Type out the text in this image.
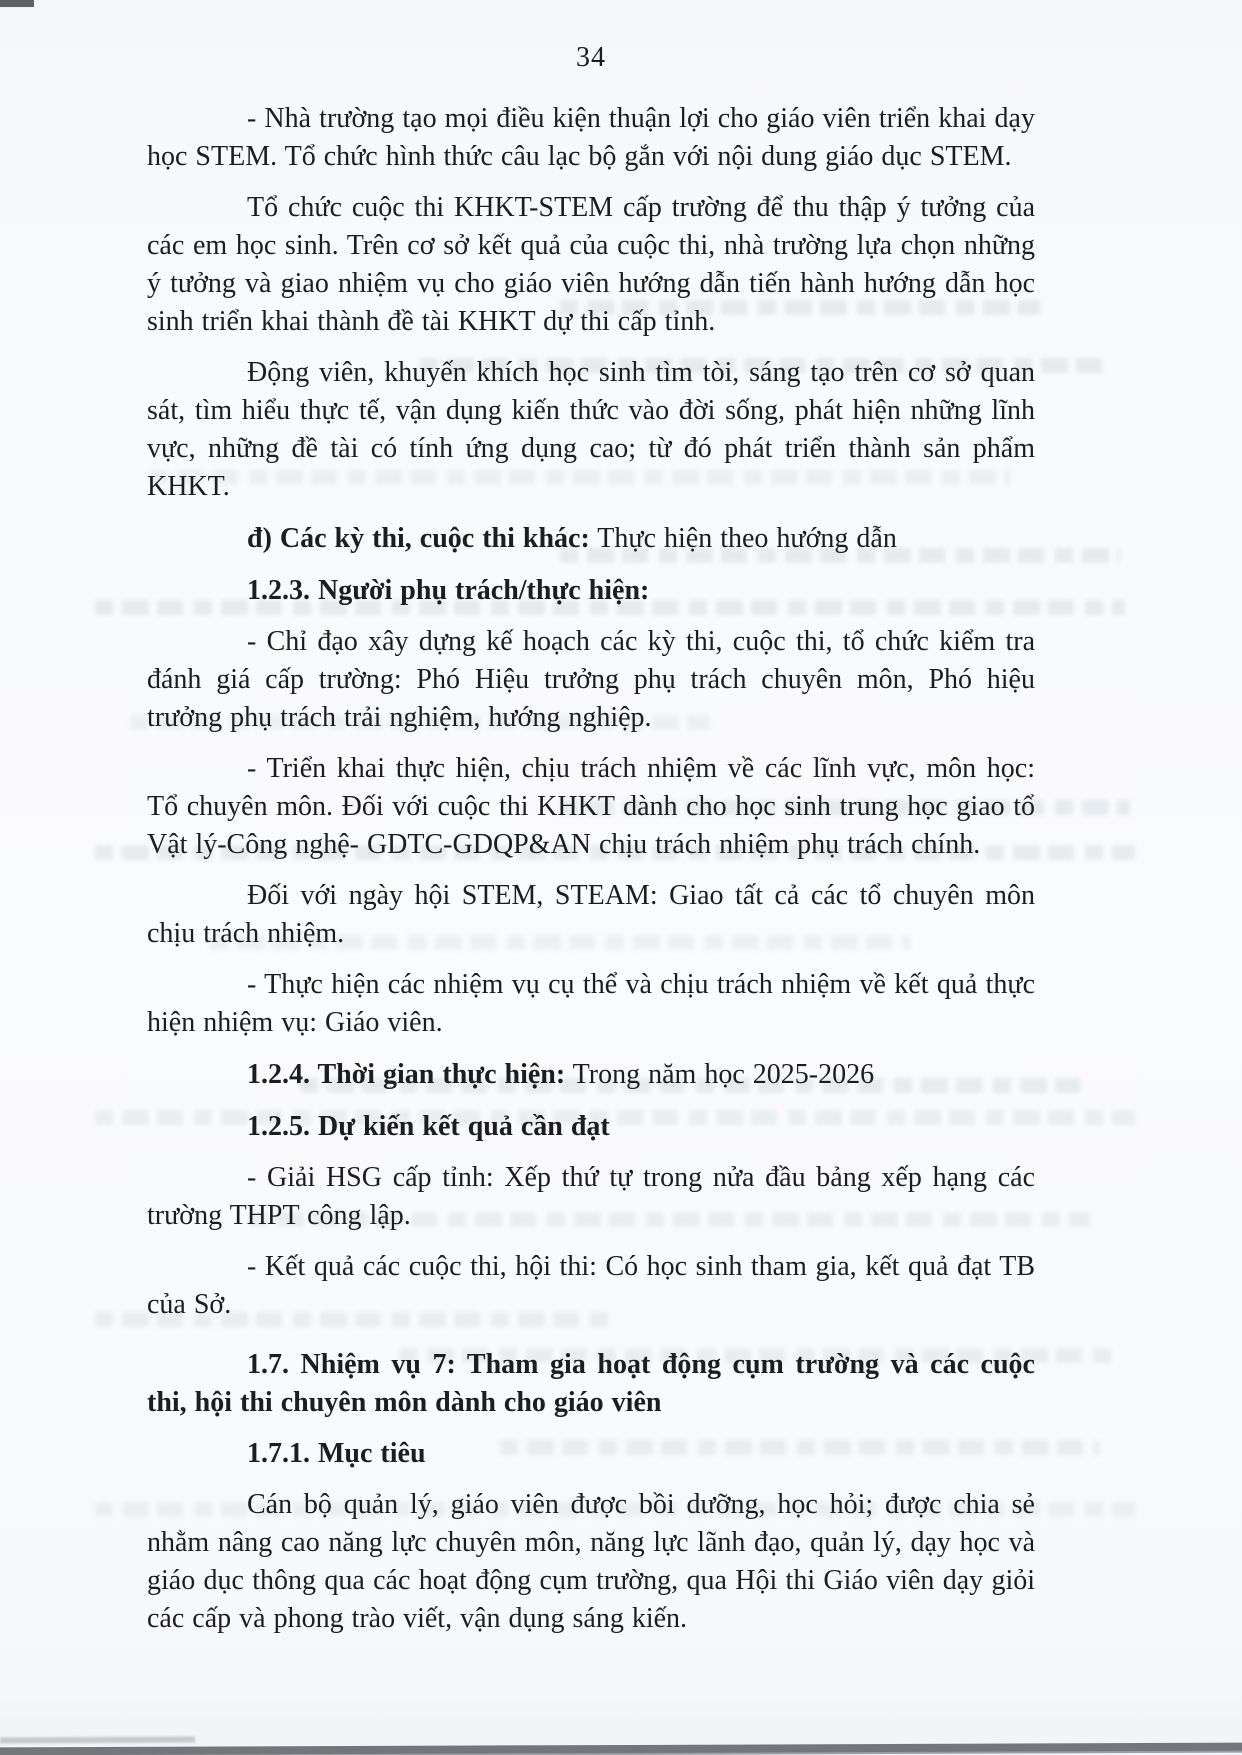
34

- Nhà trường tạo mọi điều kiện thuận lợi cho giáo viên triển khai dạy học STEM. Tổ chức hình thức câu lạc bộ gắn với nội dung giáo dục STEM.

Tổ chức cuộc thi KHKT-STEM cấp trường để thu thập ý tưởng của các em học sinh. Trên cơ sở kết quả của cuộc thi, nhà trường lựa chọn những ý tưởng và giao nhiệm vụ cho giáo viên hướng dẫn tiến hành hướng dẫn học sinh triển khai thành đề tài KHKT dự thi cấp tỉnh.

Động viên, khuyến khích học sinh tìm tòi, sáng tạo trên cơ sở quan sát, tìm hiểu thực tế, vận dụng kiến thức vào đời sống, phát hiện những lĩnh vực, những đề tài có tính ứng dụng cao; từ đó phát triển thành sản phẩm KHKT.

đ) Các kỳ thi, cuộc thi khác: Thực hiện theo hướng dẫn

1.2.3. Người phụ trách/thực hiện:

- Chỉ đạo xây dựng kế hoạch các kỳ thi, cuộc thi, tổ chức kiểm tra đánh giá cấp trường: Phó Hiệu trưởng phụ trách chuyên môn, Phó hiệu trưởng phụ trách trải nghiệm, hướng nghiệp.

- Triển khai thực hiện, chịu trách nhiệm về các lĩnh vực, môn học: Tổ chuyên môn. Đối với cuộc thi KHKT dành cho học sinh trung học giao tổ Vật lý-Công nghệ- GDTC-GDQP&AN chịu trách nhiệm phụ trách chính.

Đối với ngày hội STEM, STEAM: Giao tất cả các tổ chuyên môn chịu trách nhiệm.

- Thực hiện các nhiệm vụ cụ thể và chịu trách nhiệm về kết quả thực hiện nhiệm vụ: Giáo viên.

1.2.4. Thời gian thực hiện: Trong năm học 2025-2026

1.2.5. Dự kiến kết quả cần đạt

- Giải HSG cấp tỉnh: Xếp thứ tự trong nửa đầu bảng xếp hạng các trường THPT công lập.

- Kết quả các cuộc thi, hội thi: Có học sinh tham gia, kết quả đạt TB của Sở.

1.7. Nhiệm vụ 7: Tham gia hoạt động cụm trường và các cuộc thi, hội thi chuyên môn dành cho giáo viên

1.7.1. Mục tiêu

Cán bộ quản lý, giáo viên được bồi dưỡng, học hỏi; được chia sẻ nhằm nâng cao năng lực chuyên môn, năng lực lãnh đạo, quản lý, dạy học và giáo dục thông qua các hoạt động cụm trường, qua Hội thi Giáo viên dạy giỏi các cấp và phong trào viết, vận dụng sáng kiến.
